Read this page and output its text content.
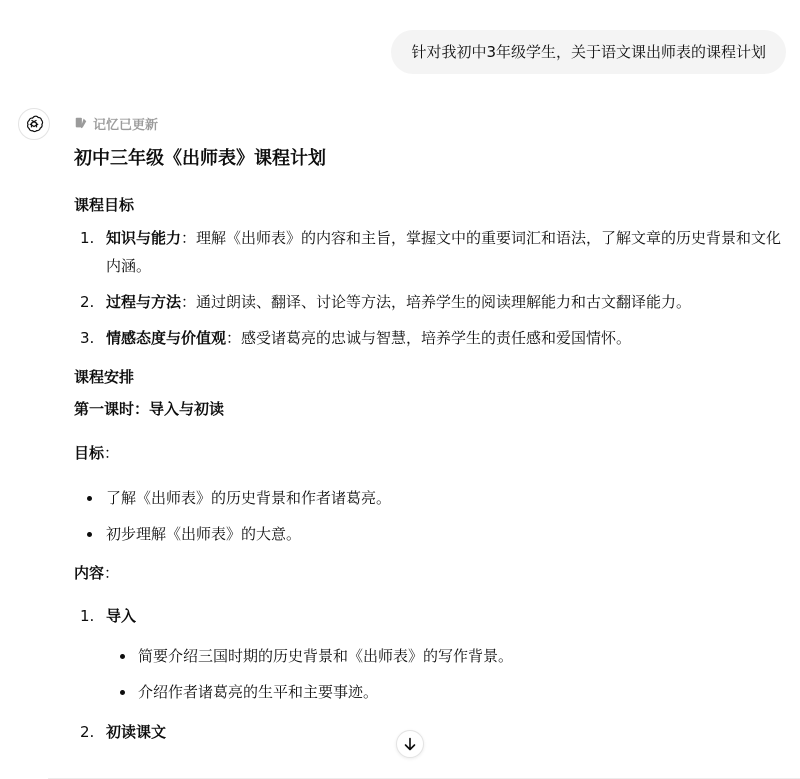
针对我初中3年级学生，关于语文课出师表的课程计划
记忆已更新
初中三年级《出师表》课程计划
课程目标
1. 知识与能力：理解《出师表》的内容和主旨，掌握文中的重要词汇和语法，了解文章的历史背景和文化内涵。
2. 过程与方法：通过朗读、翻译、讨论等方法，培养学生的阅读理解能力和古文翻译能力。
3. 情感态度与价值观：感受诸葛亮的忠诚与智慧，培养学生的责任感和爱国情怀。
课程安排
第一课时：导入与初读
目标：
了解《出师表》的历史背景和作者诸葛亮。
初步理解《出师表》的大意。
内容：
1. 导入
简要介绍三国时期的历史背景和《出师表》的写作背景。
介绍作者诸葛亮的生平和主要事迹。
2. 初读课文
